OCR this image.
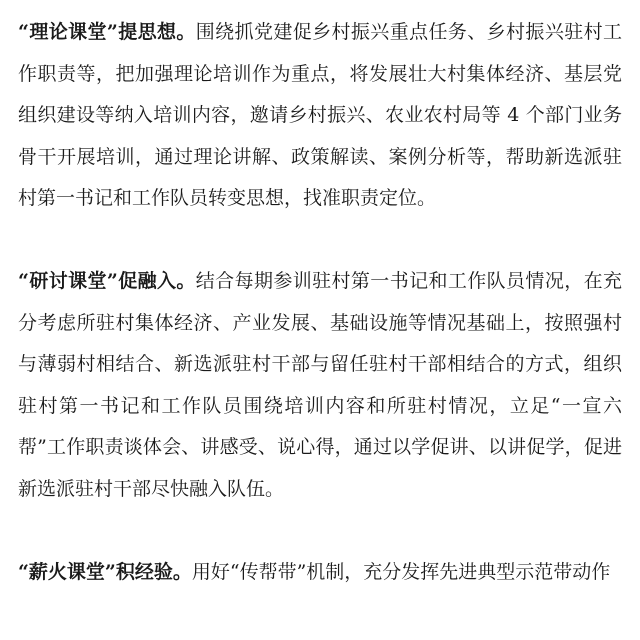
“理论课堂”提思想。围绕抓党建促乡村振兴重点任务、乡村振兴驻村工作职责等，把加强理论培训作为重点，将发展壮大村集体经济、基层党组织建设等纳入培训内容，邀请乡村振兴、农业农村局等 4 个部门业务骨干开展培训，通过理论讲解、政策解读、案例分析等，帮助新选派驻村第一书记和工作队员转变思想，找准职责定位。

“研讨课堂”促融入。结合每期参训驻村第一书记和工作队员情况，在充分考虑所驻村集体经济、产业发展、基础设施等情况基础上，按照强村与薄弱村相结合、新选派驻村干部与留任驻村干部相结合的方式，组织驻村第一书记和工作队员围绕培训内容和所驻村情况，立足“一宣六帮”工作职责谈体会、讲感受、说心得，通过以学促讲、以讲促学，促进新选派驻村干部尽快融入队伍。

“薪火课堂”积经验。用好“传帮带”机制，充分发挥先进典型示范带动作
